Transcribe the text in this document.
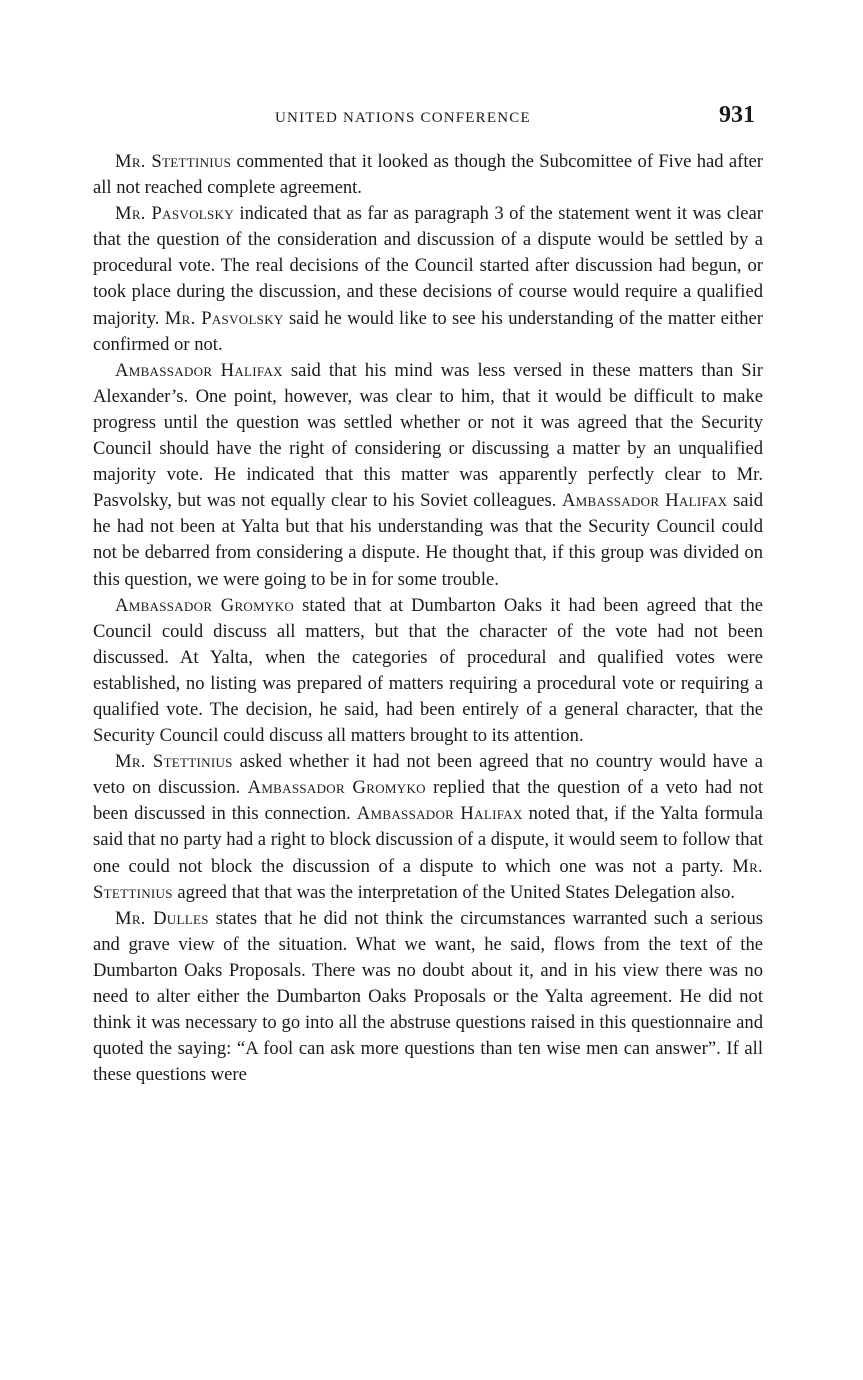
UNITED NATIONS CONFERENCE	931

Mr. Stettinius commented that it looked as though the Subcomittee of Five had after all not reached complete agreement.

Mr. Pasvolsky indicated that as far as paragraph 3 of the statement went it was clear that the question of the consideration and discussion of a dispute would be settled by a procedural vote. The real decisions of the Council started after discussion had begun, or took place during the discussion, and these decisions of course would require a qualified majority. Mr. Pasvolsky said he would like to see his understanding of the matter either confirmed or not.

Ambassador Halifax said that his mind was less versed in these matters than Sir Alexander’s. One point, however, was clear to him, that it would be difficult to make progress until the question was settled whether or not it was agreed that the Security Council should have the right of considering or discussing a matter by an unqualified majority vote. He indicated that this matter was apparently perfectly clear to Mr. Pasvolsky, but was not equally clear to his Soviet colleagues. Ambassador Halifax said he had not been at Yalta but that his understanding was that the Security Council could not be debarred from considering a dispute. He thought that, if this group was divided on this question, we were going to be in for some trouble.

Ambassador Gromyko stated that at Dumbarton Oaks it had been agreed that the Council could discuss all matters, but that the character of the vote had not been discussed. At Yalta, when the categories of procedural and qualified votes were established, no listing was prepared of matters requiring a procedural vote or requiring a qualified vote. The decision, he said, had been entirely of a general character, that the Security Council could discuss all matters brought to its attention.

Mr. Stettinius asked whether it had not been agreed that no country would have a veto on discussion. Ambassador Gromyko replied that the question of a veto had not been discussed in this connection. Ambassador Halifax noted that, if the Yalta formula said that no party had a right to block discussion of a dispute, it would seem to follow that one could not block the discussion of a dispute to which one was not a party. Mr. Stettinius agreed that that was the interpretation of the United States Delegation also.

Mr. Dulles states that he did not think the circumstances warranted such a serious and grave view of the situation. What we want, he said, flows from the text of the Dumbarton Oaks Proposals. There was no doubt about it, and in his view there was no need to alter either the Dumbarton Oaks Proposals or the Yalta agreement. He did not think it was necessary to go into all the abstruse questions raised in this questionnaire and quoted the saying: “A fool can ask more questions than ten wise men can answer”. If all these questions were
